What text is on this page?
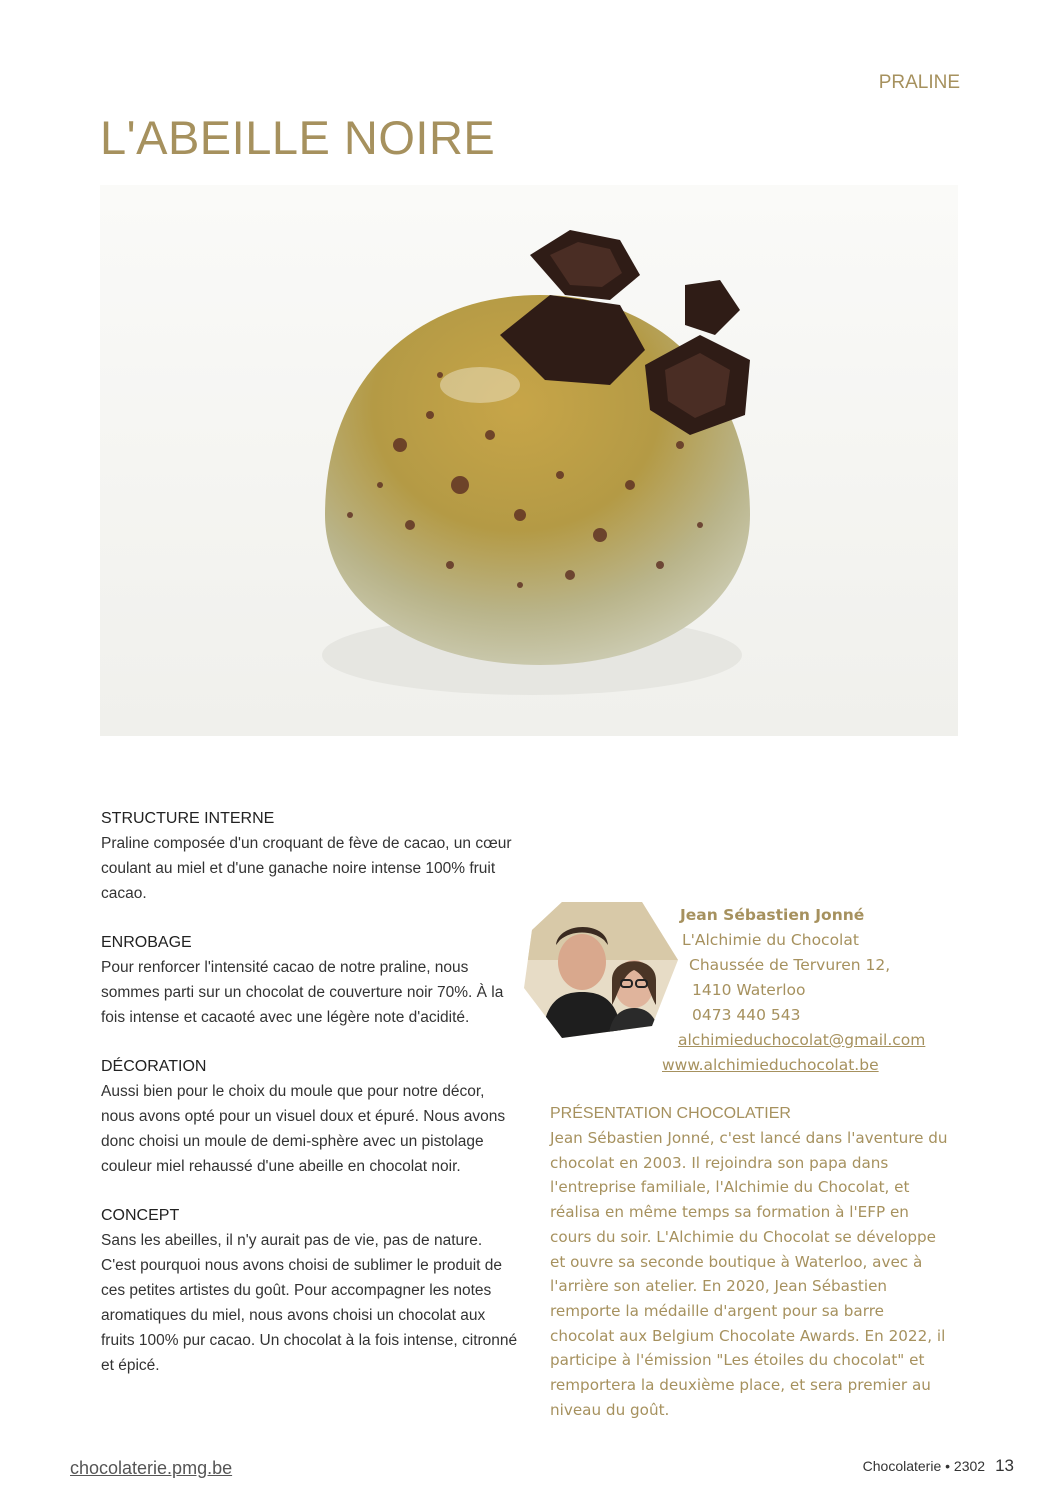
PRALINE
L'ABEILLE NOIRE
STRUCTURE INTERNE

Praline composée d'un croquant de fève de cacao, un cœur coulant au miel et d'une ganache noire intense 100% fruit cacao.

ENROBAGE

Pour renforcer l'intensité cacao de notre praline, nous sommes parti sur un chocolat de couverture noir 70%. À la fois intense et cacaoté avec une légère note d'acidité.

DÉCORATION

Aussi bien pour le choix du moule que pour notre décor, nous avons opté pour un visuel doux et épuré. Nous avons donc choisi un moule de demi-sphère avec un pistolage couleur miel rehaussé d'une abeille en chocolat noir.

CONCEPT

Sans les abeilles, il n'y aurait pas de vie, pas de nature. C'est pourquoi nous avons choisi de sublimer le produit de ces petites artistes du goût. Pour accompagner les notes aromatiques du miel, nous avons choisi un chocolat aux fruits 100% pur cacao. Un chocolat à la fois intense, citronné et épicé.

Jean Sébastien Jonné
L'Alchimie du Chocolat
Chaussée de Tervuren 12,
1410 Waterloo
0473 440 543
alchimieduchocolat@gmail.com
www.alchimieduchocolat.be
PRÉSENTATION CHOCOLATIER

Jean Sébastien Jonné, c'est lancé dans l'aventure du chocolat en 2003. Il rejoindra son papa dans l'entreprise familiale, l'Alchimie du Chocolat, et réalisa en même temps sa formation à l'EFP en cours du soir. L'Alchimie du Chocolat se développe et ouvre sa seconde boutique à Waterloo, avec à l'arrière son atelier. En 2020, Jean Sébastien remporte la médaille d'argent pour sa barre chocolat aux Belgium Chocolate Awards. En 2022, il participe à l'émission "Les étoiles du chocolat" et remportera la deuxième place, et sera premier au niveau du goût.

chocolaterie.pmg.be	Chocolaterie • 2302 13
